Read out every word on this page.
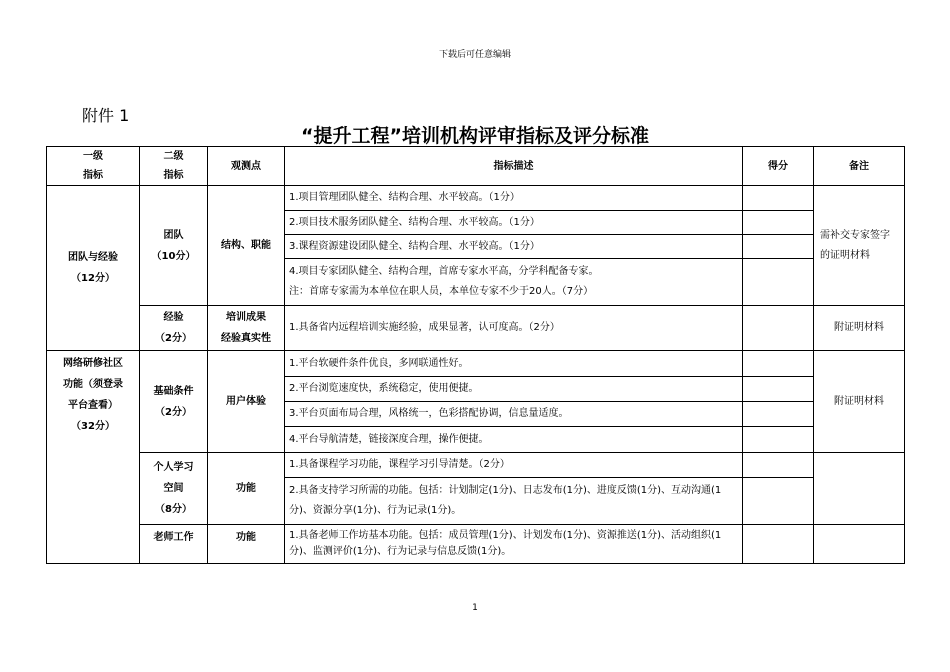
下载后可任意编辑
附件 1
“提升工程”培训机构评审指标及评分标准
一级
指标	二级
指标	观测点	指标描述	得分	备注
团队与经验
（12分）	团队
（10分）	结构、职能	1.项目管理团队健全、结构合理、水平较高。（1分）		需补交专家签字的证明材料
			2.项目技术服务团队健全、结构合理、水平较高。（1分）		
			3.课程资源建设团队健全、结构合理、水平较高。（1分）		
			4.项目专家团队健全、结构合理，首席专家水平高，分学科配备专家。
注：首席专家需为本单位在职人员，本单位专家不少于20人。（7分）		
	经验
（2分）	培训成果
经验真实性	1.具备省内远程培训实施经验，成果显著，认可度高。（2分）		附证明材料
网络研修社区
功能（须登录
平台查看）
（32分）	基础条件
（2分）	用户体验	1.平台软硬件条件优良，多网联通性好。		附证明材料
			2.平台浏览速度快，系统稳定，使用便捷。		
			3.平台页面布局合理，风格统一，色彩搭配协调，信息量适度。		
			4.平台导航清楚，链接深度合理，操作便捷。		
	个人学习
空间
（8分）	功能	1.具备课程学习功能，课程学习引导清楚。（2分）		
			2.具备支持学习所需的功能。包括：计划制定(1分)、日志发布(1分)、进度反馈(1分)、互动沟通(1分)、资源分享(1分)、行为记录(1分)。		
	老师工作	功能	1.具备老师工作坊基本功能。包括：成员管理(1分)、计划发布(1分)、资源推送(1分)、活动组织(1分)、监测评价(1分)、行为记录与信息反馈(1分)。		
1
